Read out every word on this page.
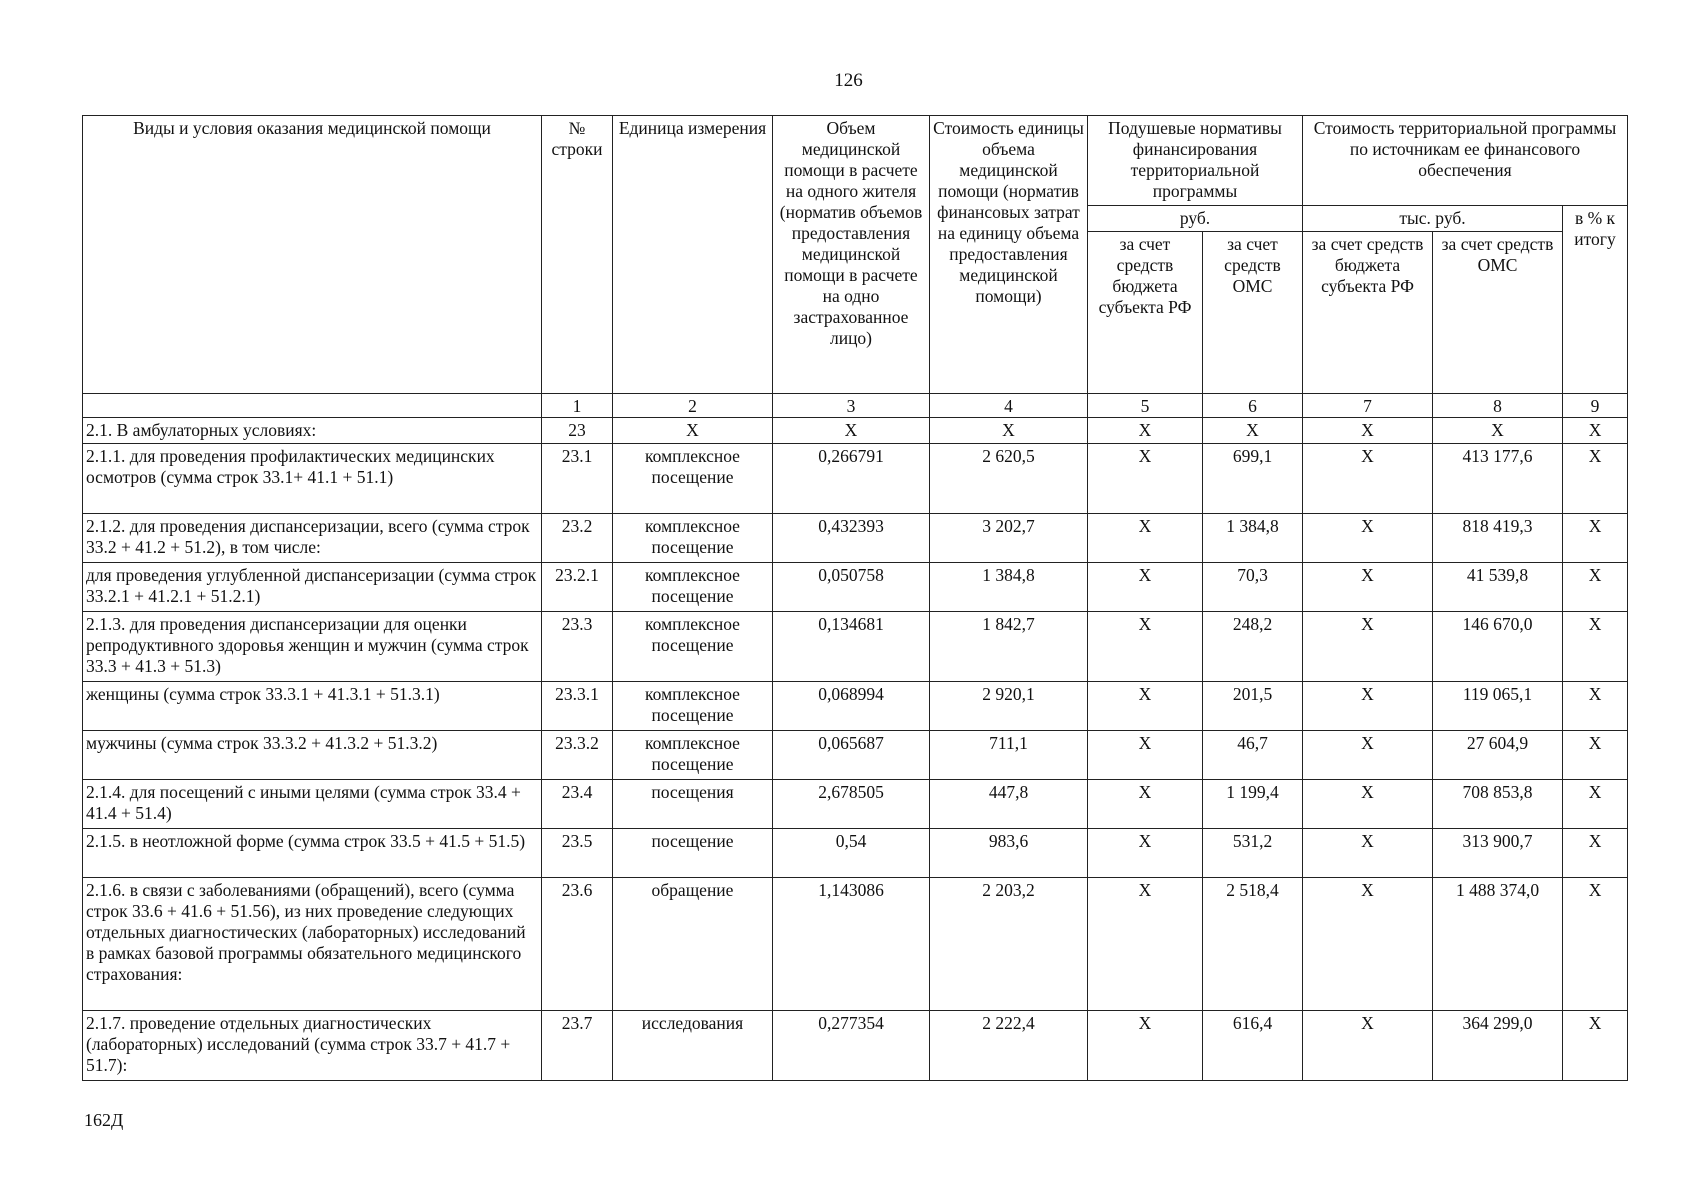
126
Виды и условия оказания медицинской помощи	№ строки	Единица измерения	Объем медицинской помощи в расчете на одного жителя (норматив объемов предоставления медицинской помощи в расчете на одно застрахованное лицо)	Стоимость единицы объема медицинской помощи (норматив финансовых затрат на единицу объема предоставления медицинской помощи)	Подушевые нормативы финансирования территориальной программы		Стоимость территориальной программы по источникам ее финансового обеспечения		
					руб.		тыс. руб.		в % к итогу
					за счет средств бюджета субъекта РФ	за счет средств ОМС	за счет средств бюджета субъекта РФ	за счет средств ОМС	
	1	2	3	4	5	6	7	8	9
2.1. В амбулаторных условиях:	23	Х	Х	Х	Х	Х	Х	Х	Х
2.1.1. для проведения профилактических медицинских осмотров (сумма строк 33.1+ 41.1 + 51.1)	23.1	комплексное посещение	0,266791	2 620,5	Х	699,1	Х	413 177,6	Х
2.1.2. для проведения диспансеризации, всего (сумма строк 33.2 + 41.2 + 51.2), в том числе:	23.2	комплексное посещение	0,432393	3 202,7	Х	1 384,8	Х	818 419,3	Х
для проведения углубленной диспансеризации (сумма строк 33.2.1 + 41.2.1 + 51.2.1)	23.2.1	комплексное посещение	0,050758	1 384,8	Х	70,3	Х	41 539,8	Х
2.1.3. для проведения диспансеризации для оценки репродуктивного здоровья женщин и мужчин (сумма строк 33.3 + 41.3 + 51.3)	23.3	комплексное посещение	0,134681	1 842,7	Х	248,2	Х	146 670,0	Х
женщины (сумма строк 33.3.1 + 41.3.1 + 51.3.1)	23.3.1	комплексное посещение	0,068994	2 920,1	Х	201,5	Х	119 065,1	Х
мужчины (сумма строк 33.3.2 + 41.3.2 + 51.3.2)	23.3.2	комплексное посещение	0,065687	711,1	Х	46,7	Х	27 604,9	Х
2.1.4. для посещений с иными целями (сумма строк 33.4 + 41.4 + 51.4)	23.4	посещения	2,678505	447,8	Х	1 199,4	Х	708 853,8	Х
2.1.5. в неотложной форме (сумма строк 33.5 + 41.5 + 51.5)	23.5	посещение	0,54	983,6	Х	531,2	Х	313 900,7	Х
2.1.6. в связи с заболеваниями (обращений), всего (сумма строк 33.6 + 41.6 + 51.56), из них проведение следующих отдельных диагностических (лабораторных) исследований в рамках базовой программы обязательного медицинского страхования:	23.6	обращение	1,143086	2 203,2	Х	2 518,4	Х	1 488 374,0	Х
2.1.7. проведение отдельных диагностических (лабораторных) исследований (сумма строк 33.7 + 41.7 + 51.7):	23.7	исследования	0,277354	2 222,4	Х	616,4	Х	364 299,0	Х
162Д
